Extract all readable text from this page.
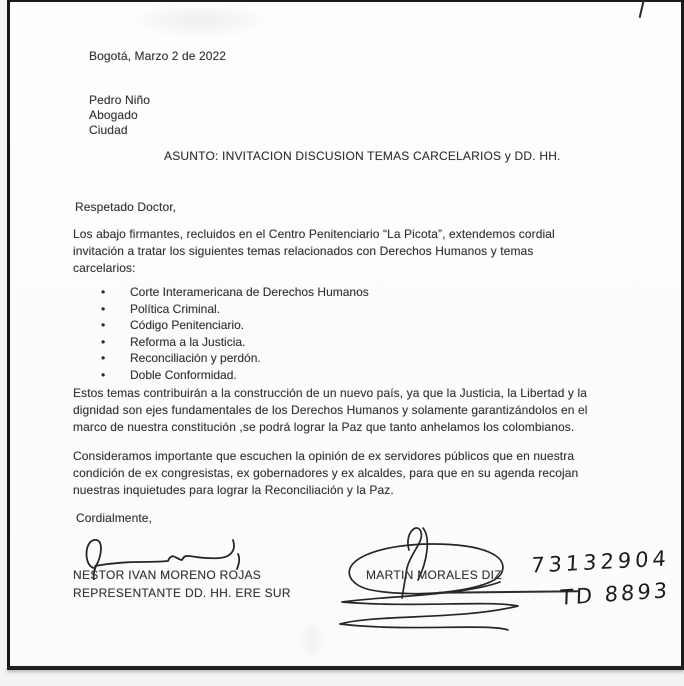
Bogotá, Marzo 2 de 2022
Pedro Niño
Abogado
Ciudad
ASUNTO: INVITACION DISCUSION TEMAS CARCELARIOS y DD. HH.
Respetado Doctor,
Los abajo firmantes, recluidos en el Centro Penitenciario “La Picota”, extendemos cordial invitación a tratar los siguientes temas relacionados con Derechos Humanos y temas carcelarios:
• Corte Interamericana de Derechos Humanos
• Política Criminal.
• Código Penitenciario.
• Reforma a la Justicia.
• Reconciliación y perdón.
• Doble Conformidad.
Estos temas contribuirán a la construcción de un nuevo país, ya que la Justicia, la Libertad y la dignidad son ejes fundamentales de los Derechos Humanos y solamente garantizándolos en el marco de nuestra constitución ,se podrá lograr la Paz que tanto anhelamos los colombianos.
Consideramos importante que escuchen la opinión de ex servidores públicos que en nuestra condición de ex congresistas, ex gobernadores y ex alcaldes, para que en su agenda recojan nuestras inquietudes para lograr la Reconciliación y la Paz.
Cordialmente,
NESTOR IVAN MORENO ROJAS
REPRESENTANTE DD. HH. ERE SUR
MARTIN MORALES DIZ 73132904
TD 8893
